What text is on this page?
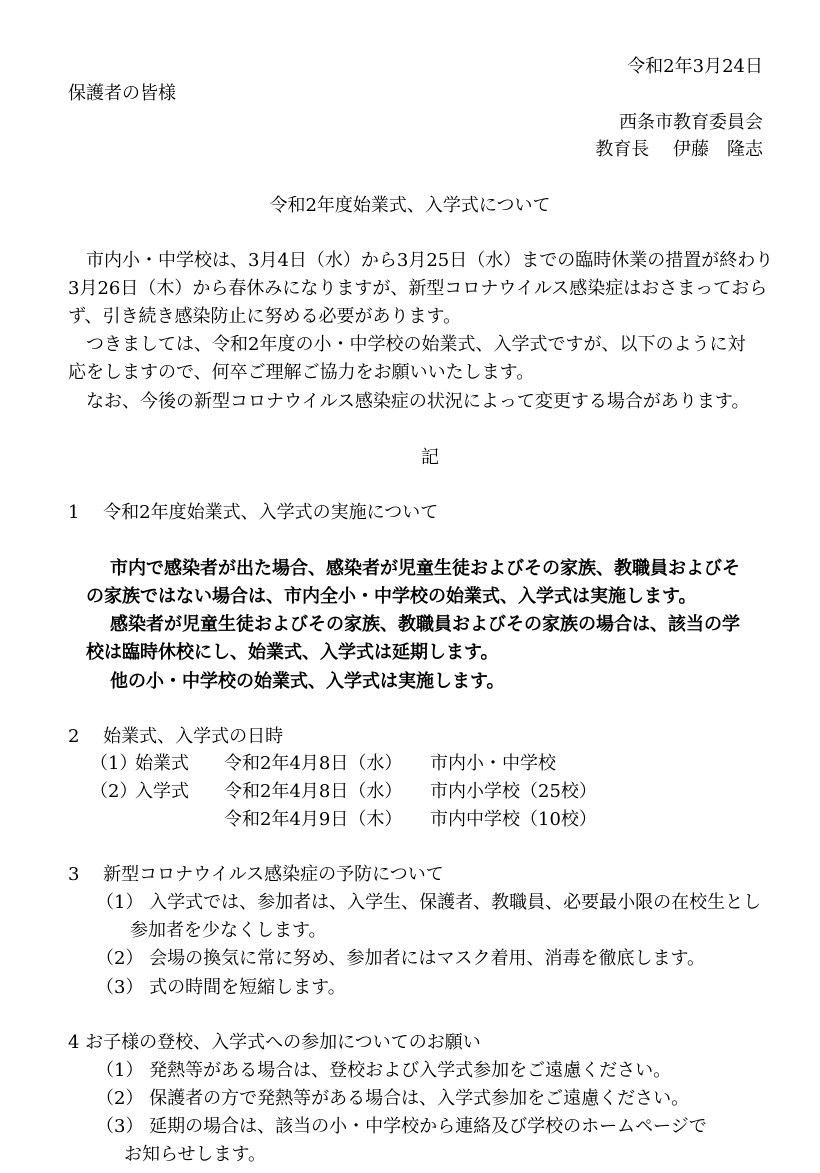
令和2年3月24日
保護者の皆様
西条市教育委員会
教育長　 伊藤　隆志
令和2年度始業式、入学式について
　市内小・中学校は、3月4日（水）から3月25日（水）までの臨時休業の措置が終わり
3月26日（木）から春休みになりますが、新型コロナウイルス感染症はおさまっておら
ず、引き続き感染防止に努める必要があります。
　つきましては、令和2年度の小・中学校の始業式、入学式ですが、以下のように対
応をしますので、何卒ご理解ご協力をお願いいたします。
　なお、今後の新型コロナウイルス感染症の状況によって変更する場合があります。
記
1　 令和2年度始業式、入学式の実施について
市内で感染者が出た場合、感染者が児童生徒およびその家族、教職員およびそ
の家族ではない場合は、市内全小・中学校の始業式、入学式は実施します。
感染者が児童生徒およびその家族、教職員およびその家族の場合は、該当の学
校は臨時休校にし、始業式、入学式は延期します。
他の小・中学校の始業式、入学式は実施します。
2　 始業式、入学式の日時
（1）
始業式 令和2年4月8日（水） 市内小・中学校
（2）
入学式 令和2年4月8日（水） 市内小学校（25校）
令和2年4月9日（木） 市内中学校（10校）
3　 新型コロナウイルス感染症の予防について
（1） 入学式では、参加者は、入学生、保護者、教職員、必要最小限の在校生とし
参加者を少なくします。
（2） 会場の換気に常に努め、参加者にはマスク着用、消毒を徹底します。
（3） 式の時間を短縮します。
4 お子様の登校、入学式への参加についてのお願い
（1） 発熱等がある場合は、登校および入学式参加をご遠慮ください。
（2） 保護者の方で発熱等がある場合は、入学式参加をご遠慮ください。
（3） 延期の場合は、該当の小・中学校から連絡及び学校のホームページで
お知らせします。
